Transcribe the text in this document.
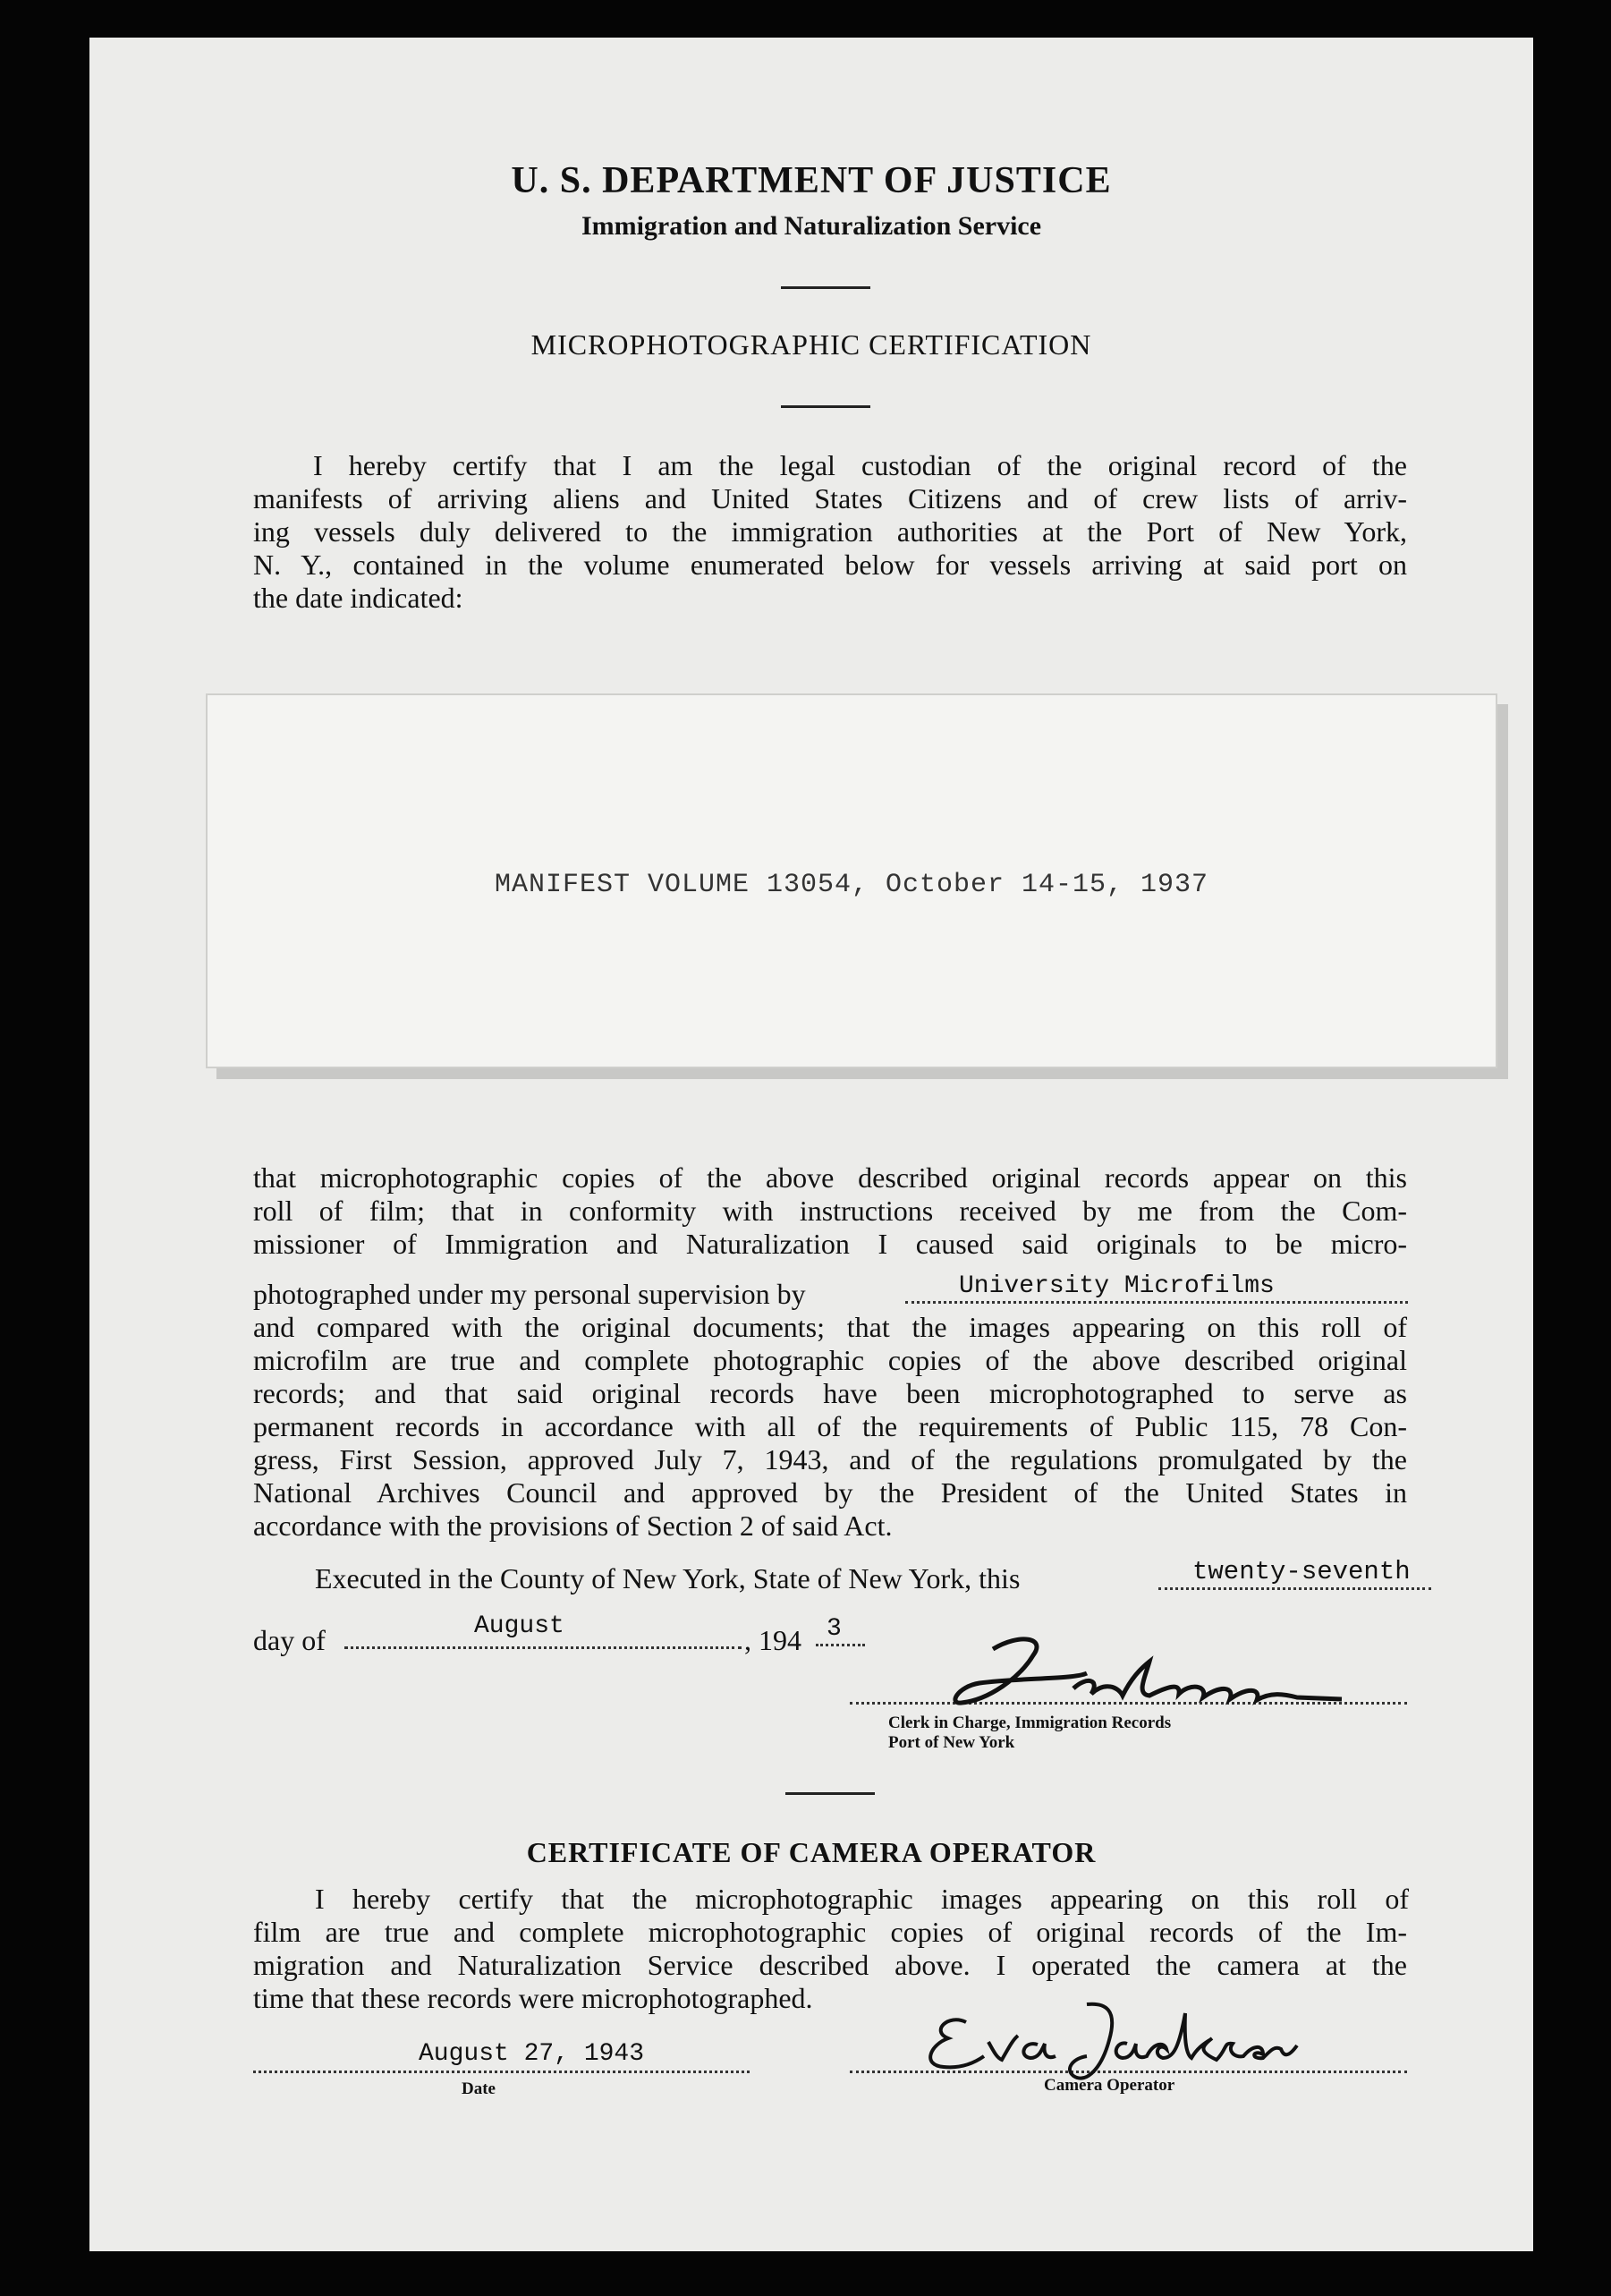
U. S. DEPARTMENT OF JUSTICE
Immigration and Naturalization Service
MICROPHOTOGRAPHIC CERTIFICATION
I hereby certify that I am the legal custodian of the original record of the
manifests of arriving aliens and United States Citizens and of crew lists of arriv-
ing vessels duly delivered to the immigration authorities at the Port of New York,
N. Y., contained in the volume enumerated below for vessels arriving at said port on
the date indicated:
MANIFEST VOLUME 13054, October 14-15, 1937
that microphotographic copies of the above described original records appear on this
roll of film; that in conformity with instructions received by me from the Com-
missioner of Immigration and Naturalization I caused said originals to be micro-
photographed under my personal supervision by	University Microfilms
and compared with the original documents; that the images appearing on this roll of
microfilm are true and complete photographic copies of the above described original
records; and that said original records have been microphotographed to serve as
permanent records in accordance with all of the requirements of Public 115, 78 Con-
gress, First Session, approved July 7, 1943, and of the regulations promulgated by the
National Archives Council and approved by the President of the United States in
accordance with the provisions of Section 2 of said Act.
Executed in the County of New York, State of New York, this	twenty-seventh
day of	August	, 194 3
Clerk in Charge, Immigration Records
Port of New York
CERTIFICATE OF CAMERA OPERATOR
I hereby certify that the microphotographic images appearing on this roll of
film are true and complete microphotographic copies of original records of the Im-
migration and Naturalization Service described above. I operated the camera at the
time that these records were microphotographed.
August 27, 1943
Date	Camera Operator
